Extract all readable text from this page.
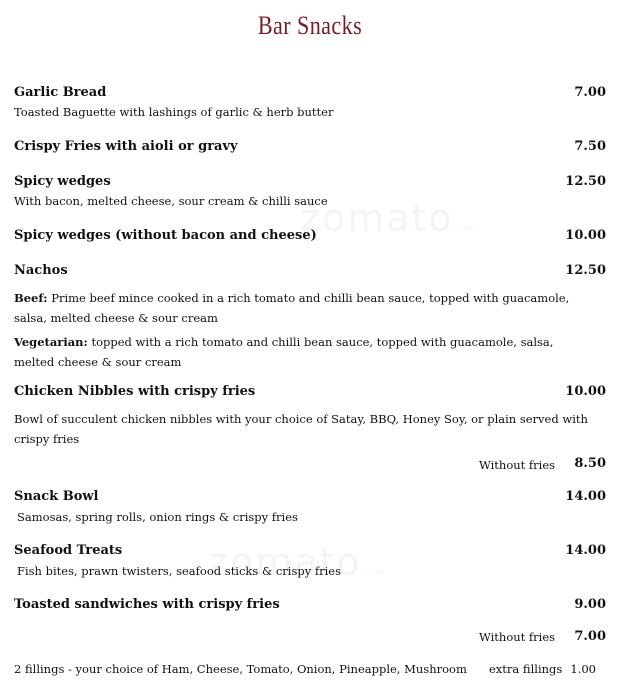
Bar Snacks
Garlic Bread	7.00
Toasted Baguette with lashings of garlic & herb butter
Crispy Fries with aioli or gravy	7.50
Spicy wedges	12.50
With bacon, melted cheese, sour cream & chilli sauce
Spicy wedges (without bacon and cheese)	10.00
Nachos	12.50
Beef: Prime beef mince cooked in a rich tomato and chilli bean sauce, topped with guacamole, salsa, melted cheese & sour cream
Vegetarian: topped with a rich tomato and chilli bean sauce, topped with guacamole, salsa, melted cheese & sour cream
Chicken Nibbles with crispy fries	10.00
Bowl of succulent chicken nibbles with your choice of Satay, BBQ, Honey Soy, or plain served with crispy fries
Without fries	8.50
Snack Bowl	14.00
Samosas, spring rolls, onion rings & crispy fries
Seafood Treats	14.00
Fish bites, prawn twisters, seafood sticks & crispy fries
Toasted sandwiches with crispy fries	9.00
Without fries	7.00
2 fillings - your choice of Ham, Cheese, Tomato, Onion, Pineapple, Mushroom extra fillings 1.00
